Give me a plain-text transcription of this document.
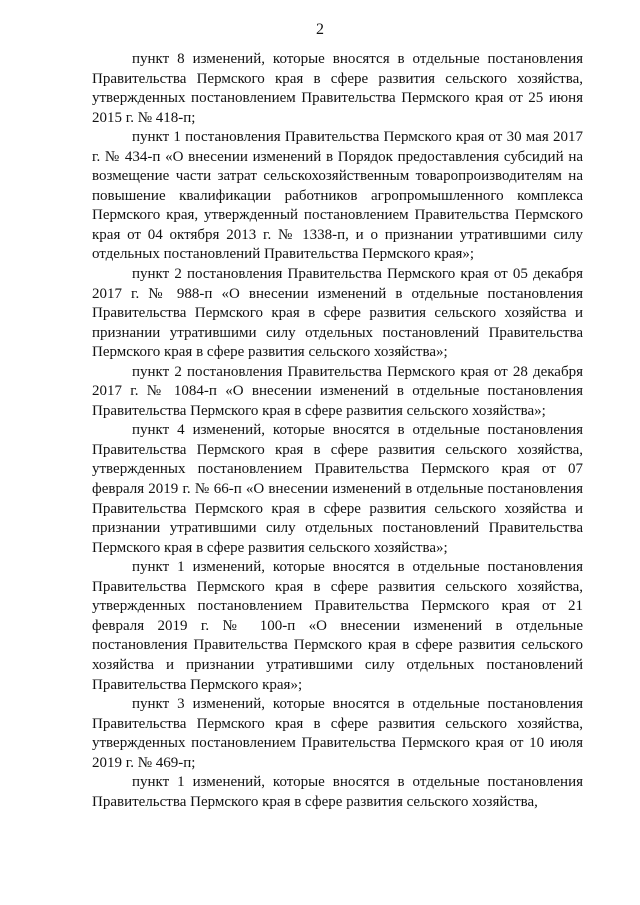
2

пункт 8 изменений, которые вносятся в отдельные постановления Правительства Пермского края в сфере развития сельского хозяйства, утвержденных постановлением Правительства Пермского края от 25 июня 2015 г. № 418-п;

пункт 1 постановления Правительства Пермского края от 30 мая 2017 г. № 434-п «О внесении изменений в Порядок предоставления субсидий на возмещение части затрат сельскохозяйственным товаропроизводителям на повышение квалификации работников агропромышленного комплекса Пермского края, утвержденный постановлением Правительства Пермского края от 04 октября 2013 г. № 1338-п, и о признании утратившими силу отдельных постановлений Правительства Пермского края»;

пункт 2 постановления Правительства Пермского края от 05 декабря 2017 г. № 988-п «О внесении изменений в отдельные постановления Правительства Пермского края в сфере развития сельского хозяйства и признании утратившими силу отдельных постановлений Правительства Пермского края в сфере развития сельского хозяйства»;

пункт 2 постановления Правительства Пермского края от 28 декабря 2017 г. № 1084-п «О внесении изменений в отдельные постановления Правительства Пермского края в сфере развития сельского хозяйства»;

пункт 4 изменений, которые вносятся в отдельные постановления Правительства Пермского края в сфере развития сельского хозяйства, утвержденных постановлением Правительства Пермского края от 07 февраля 2019 г. № 66-п «О внесении изменений в отдельные постановления Правительства Пермского края в сфере развития сельского хозяйства и признании утратившими силу отдельных постановлений Правительства Пермского края в сфере развития сельского хозяйства»;

пункт 1 изменений, которые вносятся в отдельные постановления Правительства Пермского края в сфере развития сельского хозяйства, утвержденных постановлением Правительства Пермского края от 21 февраля 2019 г. № 100-п «О внесении изменений в отдельные постановления Правительства Пермского края в сфере развития сельского хозяйства и признании утратившими силу отдельных постановлений Правительства Пермского края»;

пункт 3 изменений, которые вносятся в отдельные постановления Правительства Пермского края в сфере развития сельского хозяйства, утвержденных постановлением Правительства Пермского края от 10 июля 2019 г. № 469-п;

пункт 1 изменений, которые вносятся в отдельные постановления Правительства Пермского края в сфере развития сельского хозяйства,
